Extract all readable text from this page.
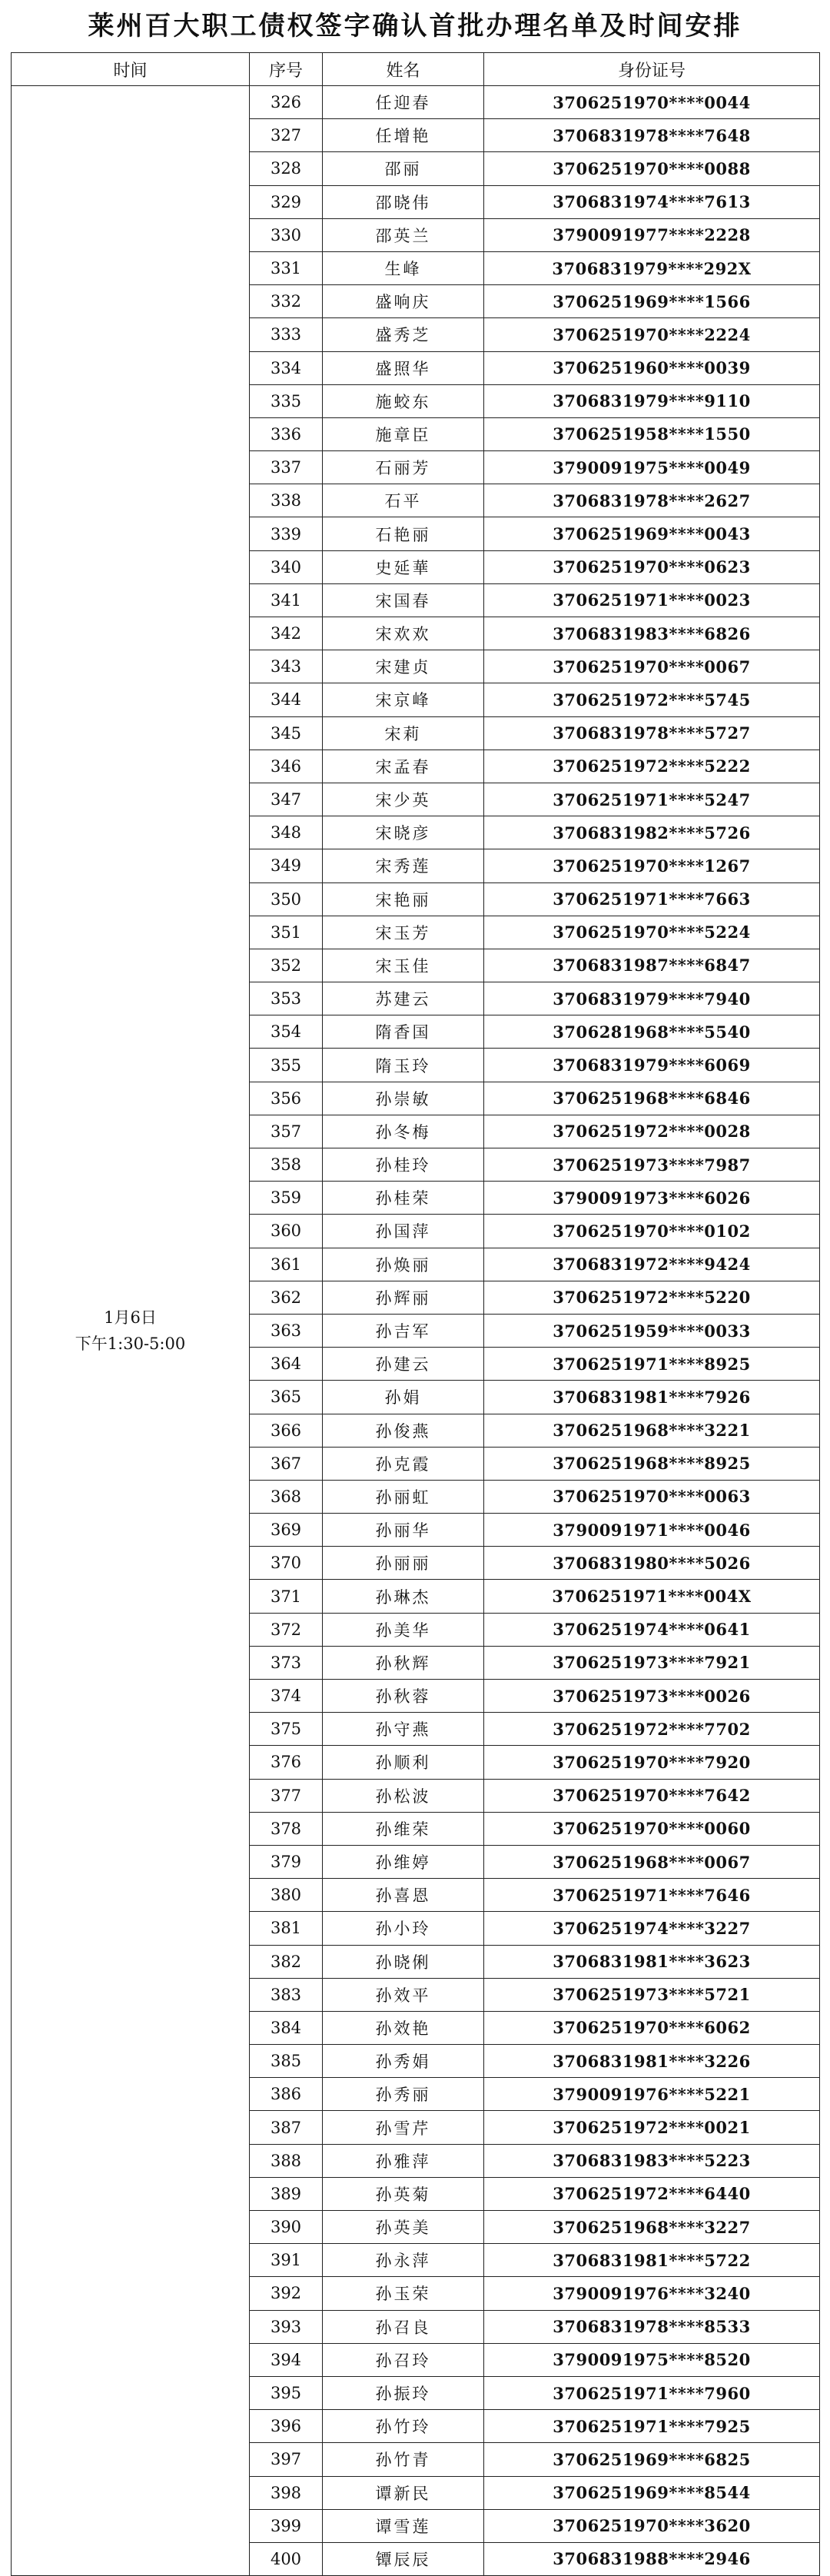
莱州百大职工债权签字确认首批办理名单及时间安排
时间	序号	姓名	身份证号

1月6日
下午1:30-5:00	326	任迎春	3706251970****0044
	327	任增艳	3706831978****7648
	328	邵丽	3706251970****0088
	329	邵晓伟	3706831974****7613
	330	邵英兰	3790091977****2228
	331	生峰	3706831979****292X
	332	盛响庆	3706251969****1566
	333	盛秀芝	3706251970****2224
	334	盛照华	3706251960****0039
	335	施蛟东	3706831979****9110
	336	施章臣	3706251958****1550
	337	石丽芳	3790091975****0049
	338	石平	3706831978****2627
	339	石艳丽	3706251969****0043
	340	史延華	3706251970****0623
	341	宋国春	3706251971****0023
	342	宋欢欢	3706831983****6826
	343	宋建贞	3706251970****0067
	344	宋京峰	3706251972****5745
	345	宋莉	3706831978****5727
	346	宋孟春	3706251972****5222
	347	宋少英	3706251971****5247
	348	宋晓彦	3706831982****5726
	349	宋秀莲	3706251970****1267
	350	宋艳丽	3706251971****7663
	351	宋玉芳	3706251970****5224
	352	宋玉佳	3706831987****6847
	353	苏建云	3706831979****7940
	354	隋香国	3706281968****5540
	355	隋玉玲	3706831979****6069
	356	孙崇敏	3706251968****6846
	357	孙冬梅	3706251972****0028
	358	孙桂玲	3706251973****7987
	359	孙桂荣	3790091973****6026
	360	孙国萍	3706251970****0102
	361	孙焕丽	3706831972****9424
	362	孙辉丽	3706251972****5220
	363	孙吉军	3706251959****0033
	364	孙建云	3706251971****8925
	365	孙娟	3706831981****7926
	366	孙俊燕	3706251968****3221
	367	孙克霞	3706251968****8925
	368	孙丽虹	3706251970****0063
	369	孙丽华	3790091971****0046
	370	孙丽丽	3706831980****5026
	371	孙琳杰	3706251971****004X
	372	孙美华	3706251974****0641
	373	孙秋辉	3706251973****7921
	374	孙秋蓉	3706251973****0026
	375	孙守燕	3706251972****7702
	376	孙顺利	3706251970****7920
	377	孙松波	3706251970****7642
	378	孙维荣	3706251970****0060
	379	孙维婷	3706251968****0067
	380	孙喜恩	3706251971****7646
	381	孙小玲	3706251974****3227
	382	孙晓俐	3706831981****3623
	383	孙效平	3706251973****5721
	384	孙效艳	3706251970****6062
	385	孙秀娟	3706831981****3226
	386	孙秀丽	3790091976****5221
	387	孙雪芹	3706251972****0021
	388	孙雅萍	3706831983****5223
	389	孙英菊	3706251972****6440
	390	孙英美	3706251968****3227
	391	孙永萍	3706831981****5722
	392	孙玉荣	3790091976****3240
	393	孙召良	3706831978****8533
	394	孙召玲	3790091975****8520
	395	孙振玲	3706251971****7960
	396	孙竹玲	3706251971****7925
	397	孙竹青	3706251969****6825
	398	谭新民	3706251969****8544
	399	谭雪莲	3706251970****3620
	400	镡辰辰	3706831988****2946
